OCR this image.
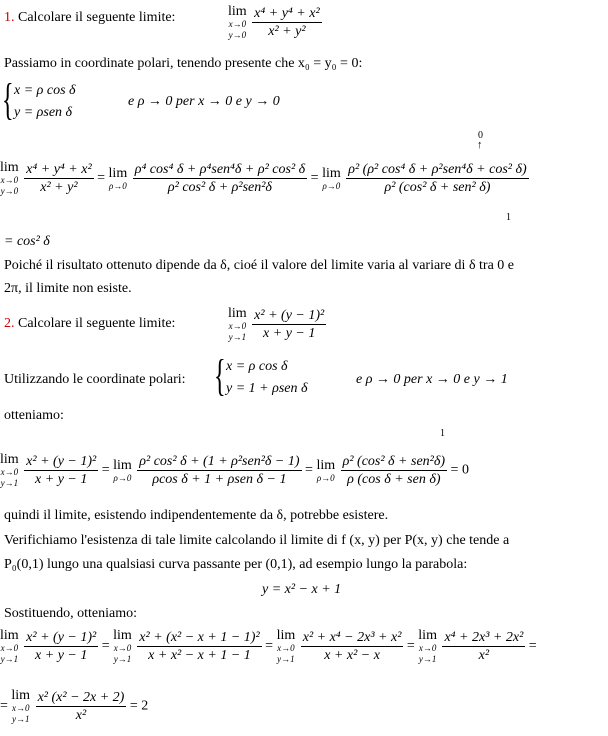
1. Calcolare il seguente limite:	lim
x→0
y→0
$\frac{\text{x⁴ + y⁴ + x²}}{\text{x² + y²}}$
Passiamo in coordinate polari, tenendo presente che x₀ = y₀ = 0:
{ x = ρ cos δ
y = ρsen δ
e ρ → 0 per x → 0 e y → 0
0
↑
lim
x→0
y→0
$\frac{\text{x⁴ + y⁴ + x²}}{\text{x² + y²}} = \lim$
ρ→0
$\frac{\text{ρ⁴ cos⁴ δ + ρ⁴sen⁴δ + ρ² cos² δ}}{\text{ρ² cos² δ + ρ²sen²δ}} = \lim$
ρ→0
$\frac{\text{ρ² (ρ² cos⁴ δ + ρ²sen⁴δ + cos² δ)}}{\text{ρ² (cos² δ + sen² δ)}}$
1
= cos² δ
Poiché il risultato ottenuto dipende da δ, cioé il valore del limite varia al variare di δ tra 0 e
2π, il limite non esiste.
2. Calcolare il seguente limite:
lim
x→0
y→1
$\frac{\text{x² + (y − 1)²}}{x + y - 1}$
Utilizzando le coordinate polari: { x = ρ cos δ
y = 1 + ρsen δ
e ρ → 0 per x → 0 e y → 1
otteniamo:
1
lim
x→0
y→1
$\frac{\text{x² + (y − 1)²}}{x + y - 1} = \lim$
ρ→0
$\frac{\text{ρ² cos² δ + (1 + ρ²sen²δ − 1)}}{\text{ρcos δ + 1 + ρsen δ − 1}} = \lim$
ρ→0
$\frac{\text{ρ² (cos² δ + sen²δ)}}{\text{ρ (cos δ + sen δ)}} = 0$
quindi il limite, esistendo indipendentemente da δ, potrebbe esistere.
Verifichiamo l'esistenza di tale limite calcolando il limite di f (x, y) per P(x, y) che tende a
P₀(0,1) lungo una qualsiasi curva passante per (0,1), ad esempio lungo la parabola:
y = x² − x + 1
Sostituendo, otteniamo:
lim
x→0
y→1
$\frac{\text{x² + (y − 1)²}}{x + y - 1}$ =
lim
x→0
y→1
$\frac{\text{x² + (x² − x + 1 − 1)²}}{\text{x + x² − x + 1 − 1}}$ =
lim
x→0
y→1
$\frac{\text{x² + x⁴ − 2x³ + x²}}{\text{x + x² − x}}$ =
lim
x→0
y→1
$\frac{\text{x⁴ + 2x³ + 2x²}}{\text{x²}}$ =
=
lim
x→0
y→1
$\frac{\text{x² (x² − 2x + 2)}}{\text{x²}} = 2$
